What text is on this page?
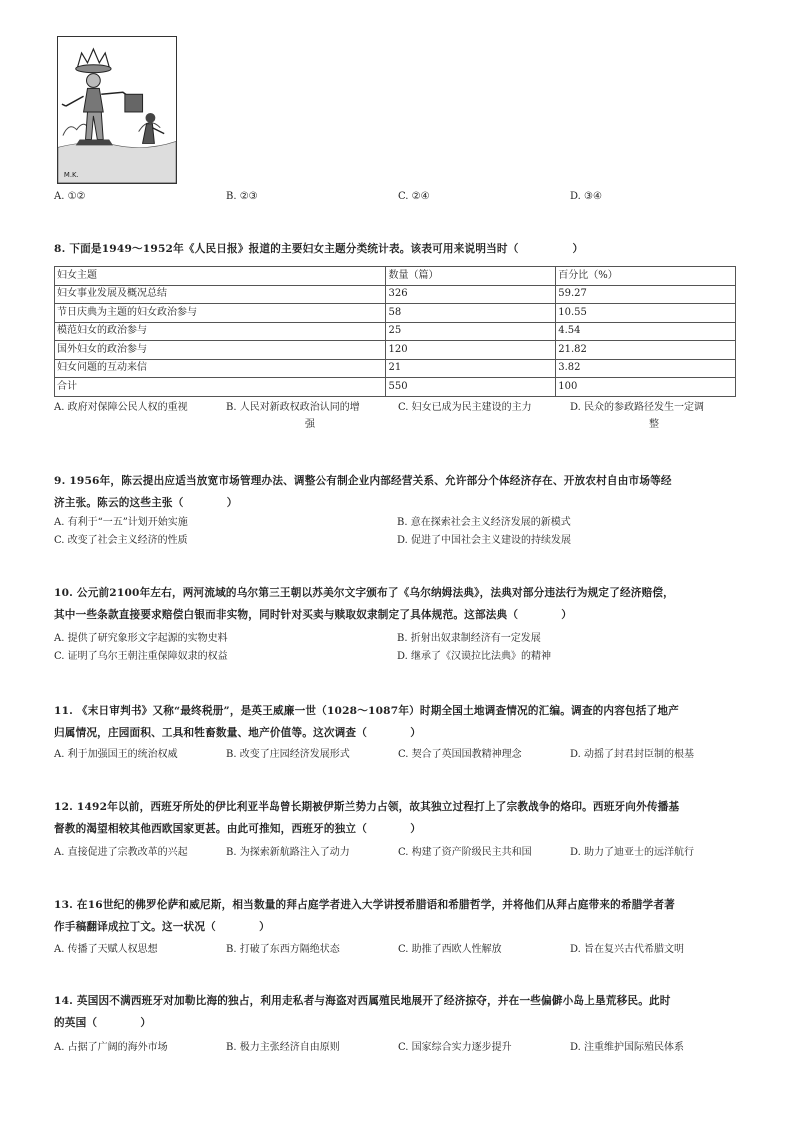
M.K.
A. ①②	B. ②③	C. ②④	D. ③④
8. 下面是1949～1952年《人民日报》报道的主要妇女主题分类统计表。该表可用来说明当时（　　　　　）
妇女主题	数量（篇）	百分比（%）
妇女事业发展及概况总结	326	59.27
节日庆典为主题的妇女政治参与	58	10.55
模范妇女的政治参与	25	4.54
国外妇女的政治参与	120	21.82
妇女问题的互动来信	21	3.82
合计	550	100
A. 政府对保障公民人权的重视	B. 人民对新政权政治认同的增
强
C. 妇女已成为民主建设的主力	D. 民众的参政路径发生一定调
整
9. 1956年，陈云提出应适当放宽市场管理办法、调整公有制企业内部经营关系、允许部分个体经济存在、开放农村自由市场等经
济主张。陈云的这些主张（　　　　）
A. 有利于“一五”计划开始实施	B. 意在探索社会主义经济发展的新模式
C. 改变了社会主义经济的性质	D. 促进了中国社会主义建设的持续发展
10. 公元前2100年左右，两河流域的乌尔第三王朝以苏美尔文字颁布了《乌尔纳姆法典》，法典对部分违法行为规定了经济赔偿，
其中一些条款直接要求赔偿白银而非实物，同时针对买卖与赎取奴隶制定了具体规范。这部法典（　　　　）
A. 提供了研究象形文字起源的实物史料	B. 折射出奴隶制经济有一定发展
C. 证明了乌尔王朝注重保障奴隶的权益	D. 继承了《汉谟拉比法典》的精神
11. 《末日审判书》又称“最终税册”，是英王威廉一世（1028～1087年）时期全国土地调查情况的汇编。调查的内容包括了地产
归属情况，庄园面积、工具和牲畜数量、地产价值等。这次调查（　　　　）
A. 利于加强国王的统治权威	B. 改变了庄园经济发展形式	C. 契合了英国国教精神理念	D. 动摇了封君封臣制的根基
12. 1492年以前，西班牙所处的伊比利亚半岛曾长期被伊斯兰势力占领，故其独立过程打上了宗教战争的烙印。西班牙向外传播基
督教的渴望相较其他西欧国家更甚。由此可推知，西班牙的独立（　　　　）
A. 直接促进了宗教改革的兴起	B. 为探索新航路注入了动力	C. 构建了资产阶级民主共和国	D. 助力了迪亚士的远洋航行
13. 在16世纪的佛罗伦萨和威尼斯，相当数量的拜占庭学者进入大学讲授希腊语和希腊哲学，并将他们从拜占庭带来的希腊学者著
作手稿翻译成拉丁文。这一状况（　　　　）
A. 传播了天赋人权思想	B. 打破了东西方隔绝状态	C. 助推了西欧人性解放	D. 旨在复兴古代希腊文明
14. 英国因不满西班牙对加勒比海的独占，利用走私者与海盗对西属殖民地展开了经济掠夺，并在一些偏僻小岛上垦荒移民。此时
的英国（　　　　）
A. 占据了广阔的海外市场	B. 极力主张经济自由原则	C. 国家综合实力逐步提升	D. 注重维护国际殖民体系
